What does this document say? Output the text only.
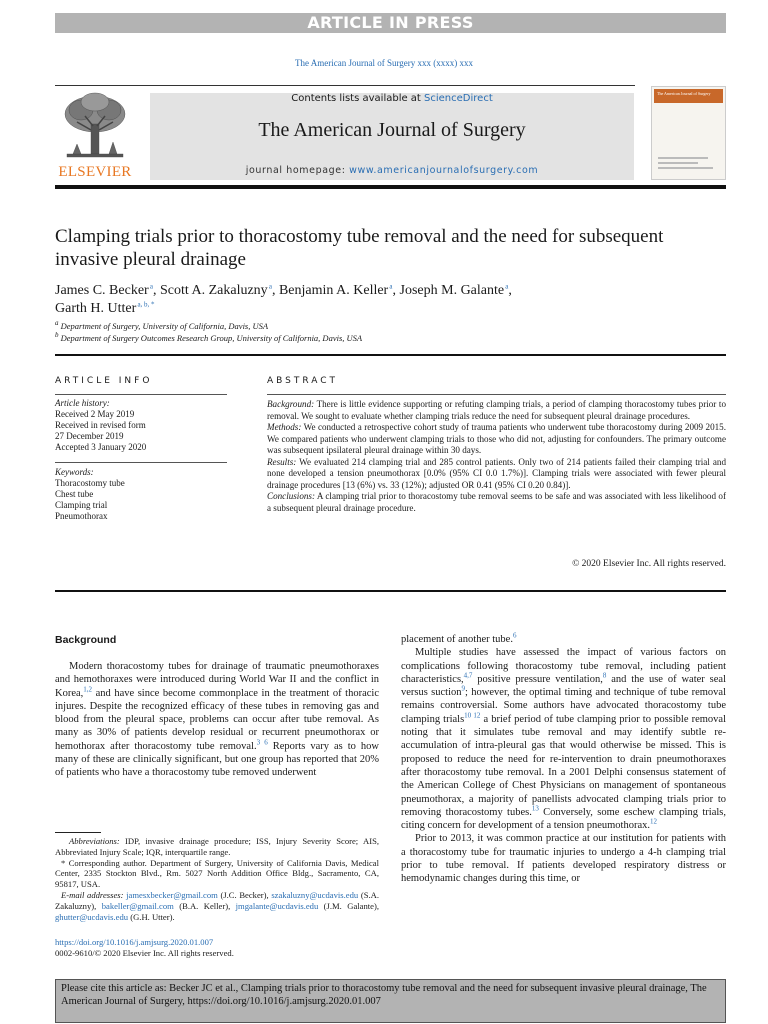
ARTICLE IN PRESS
The American Journal of Surgery xxx (xxxx) xxx
ELSEVIER
Contents lists available at ScienceDirect
The American Journal of Surgery
journal homepage: www.americanjournalofsurgery.com
The American Journal of Surgery
Clamping trials prior to thoracostomy tube removal and the need for subsequent invasive pleural drainage
James C. Becker $^a$, Scott A. Zakaluzny $^a$, Benjamin A. Keller $^a$, Joseph M. Galante $^a$,
Garth H. Utter $^{a, b, *}$
$^a$ Department of Surgery, University of California, Davis, USA
$^b$ Department of Surgery Outcomes Research Group, University of California, Davis, USA
ARTICLE INFO	ABSTRACT
Article history:
Received 2 May 2019
Received in revised form
27 December 2019
Accepted 3 January 2020
Keywords:
Thoracostomy tube
Chest tube
Clamping trial
Pneumothorax

Background: There is little evidence supporting or refuting clamping trials, a period of clamping thoracostomy tubes prior to removal. We sought to evaluate whether clamping trials reduce the need for subsequent pleural drainage procedures.

Methods: We conducted a retrospective cohort study of trauma patients who underwent tube thoracostomy during 2009 2015. We compared patients who underwent clamping trials to those who did not, adjusting for confounders. The primary outcome was subsequent ipsilateral pleural drainage within 30 days.

Results: We evaluated 214 clamping trial and 285 control patients. Only two of 214 patients failed their clamping trial and none developed a tension pneumothorax [0.0% (95% CI 0.0 1.7%)]. Clamping trials were associated with fewer pleural drainage procedures [13 (6%) vs. 33 (12%); adjusted OR 0.41 (95% CI 0.20 0.84)].

Conclusions: A clamping trial prior to thoracostomy tube removal seems to be safe and was associated with less likelihood of a subsequent pleural drainage procedure.

© 2020 Elsevier Inc. All rights reserved.
Background
Modern thoracostomy tubes for drainage of traumatic pneumothoraxes and hemothoraxes were introduced during World War II and the conflict in Korea,$^{1,2}$ and have since become commonplace in the treatment of thoracic injures. Despite the recognized efficacy of these tubes in removing gas and blood from the pleural space, problems can occur after tube removal. As many as 30% of patients develop residual or recurrent pneumothorax or hemothorax after thoracostomy tube removal.$^{3 6}$ Reports vary as to how many of these are clinically significant, but one group has reported that 20% of patients who have a thoracostomy tube removed underwent
placement of another tube.$^6$
Multiple studies have assessed the impact of various factors on complications following thoracostomy tube removal, including patient characteristics,$^{4,7}$ positive pressure ventilation,$^8$ and the use of water seal versus suction$^9$; however, the optimal timing and technique of tube removal remains controversial. Some authors have advocated thoracostomy tube clamping trials$^{10 12}$ a brief period of tube clamping prior to possible removal noting that it simulates tube removal and may identify subtle re-accumulation of intra-pleural gas that would otherwise be missed. This is proposed to reduce the need for re-intervention to drain pneumothoraxes after thoracostomy tube removal. In a 2001 Delphi consensus statement of the American College of Chest Physicians on management of spontaneous pneumothorax, a majority of panellists advocated clamping trials prior to removing thoracostomy tubes.$^{13}$ Conversely, some eschew clamping trials, citing concern for development of a tension pneumothorax.$^{12}$
Prior to 2013, it was common practice at our institution for patients with a thoracostomy tube for traumatic injuries to undergo a 4-h clamping trial prior to tube removal. If patients developed respiratory distress or hemodynamic changes during this time, or

Abbreviations: IDP, invasive drainage procedure; ISS, Injury Severity Score; AIS, Abbreviated Injury Scale; IQR, interquartile range.

* Corresponding author. Department of Surgery, University of California Davis, Medical Center, 2335 Stockton Blvd., Rm. 5027 North Addition Office Bldg., Sacramento, CA, 95817, USA.

E-mail addresses: jamesxbecker@gmail.com (J.C. Becker), szakaluzny@ucdavis.edu (S.A. Zakaluzny), bakeller@gmail.com (B.A. Keller), jmgalante@ucdavis.edu (J.M. Galante), ghutter@ucdavis.edu (G.H. Utter).

https://doi.org/10.1016/j.amjsurg.2020.01.007
0002-9610/© 2020 Elsevier Inc. All rights reserved.
Please cite this article as: Becker JC et al., Clamping trials prior to thoracostomy tube removal and the need for subsequent invasive pleural drainage, The American Journal of Surgery, https://doi.org/10.1016/j.amjsurg.2020.01.007
